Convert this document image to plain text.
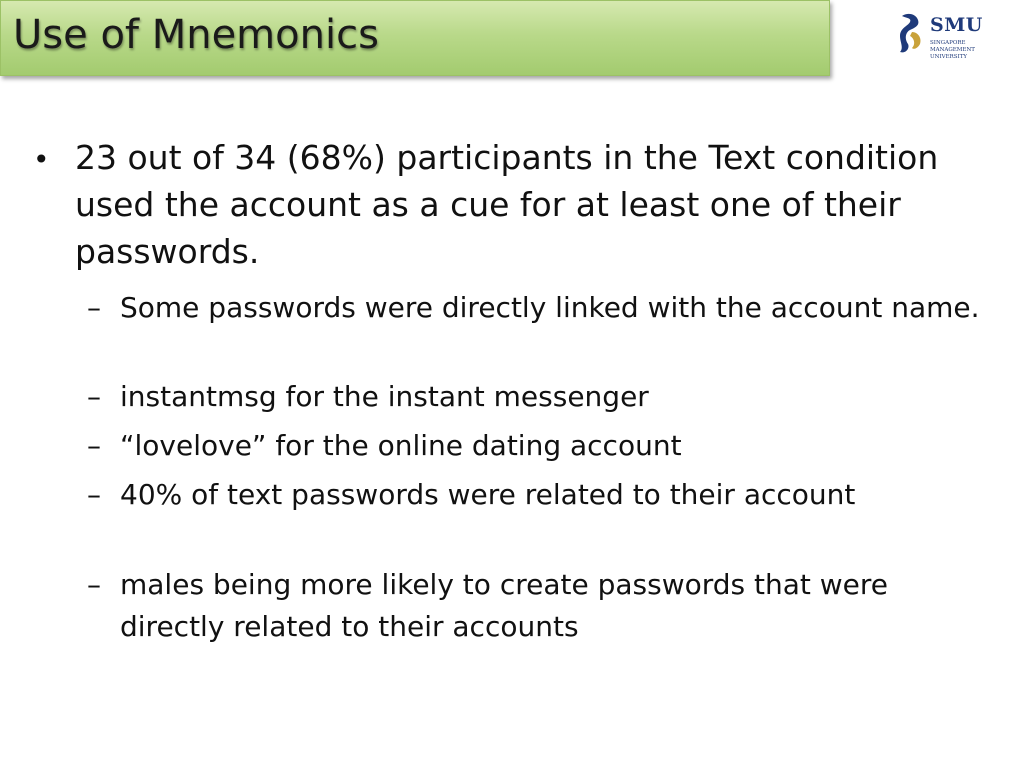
Use of Mnemonics	SMU
SINGAPORE MANAGEMENT UNIVERSITY
• 23 out of 34 (68%) participants in the Text condition used the account as a cue for at least one of their passwords.
– Some passwords were directly linked with the account name.
– instantmsg for the instant messenger
– “lovelove” for the online dating account
– 40% of text passwords were related to their account
– males being more likely to create passwords that were directly related to their accounts
